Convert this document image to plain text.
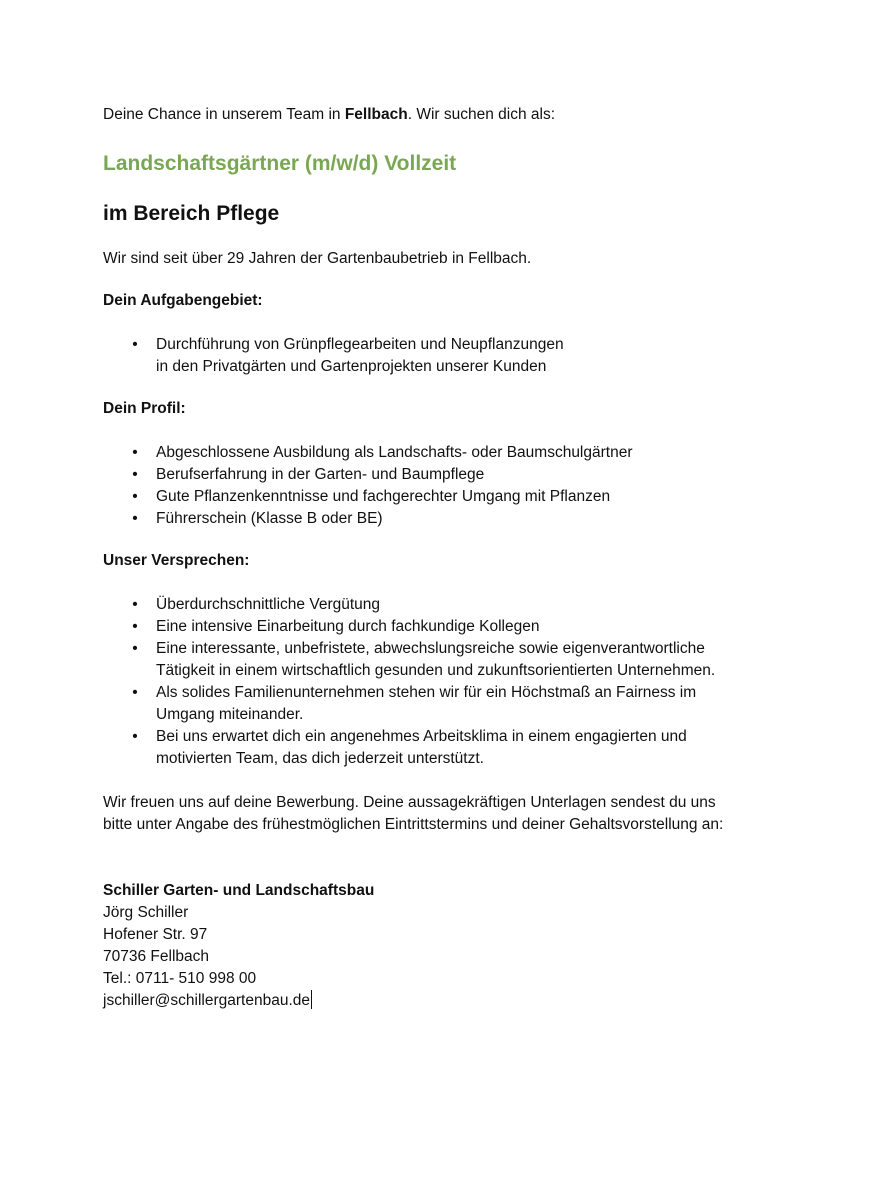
Deine Chance in unserem Team in Fellbach. Wir suchen dich als:

Landschaftsgärtner (m/w/d) Vollzeit
im Bereich Pflege

Wir sind seit über 29 Jahren der Gartenbaubetrieb in Fellbach.

Dein Aufgabengebiet:

• Durchführung von Grünpflegearbeiten und Neupflanzungen
in den Privatgärten und Gartenprojekten unserer Kunden

Dein Profil:

• Abgeschlossene Ausbildung als Landschafts- oder Baumschulgärtner
• Berufserfahrung in der Garten- und Baumpflege
• Gute Pflanzenkenntnisse und fachgerechter Umgang mit Pflanzen
• Führerschein (Klasse B oder BE)

Unser Versprechen:

• Überdurchschnittliche Vergütung
• Eine intensive Einarbeitung durch fachkundige Kollegen
• Eine interessante, unbefristete, abwechslungsreiche sowie eigenverantwortliche
Tätigkeit in einem wirtschaftlich gesunden und zukunftsorientierten Unternehmen.
• Als solides Familienunternehmen stehen wir für ein Höchstmaß an Fairness im
Umgang miteinander.
• Bei uns erwartet dich ein angenehmes Arbeitsklima in einem engagierten und
motivierten Team, das dich jederzeit unterstützt.
Wir freuen uns auf deine Bewerbung. Deine aussagekräftigen Unterlagen sendest du uns
bitte unter Angabe des frühestmöglichen Eintrittstermins und deiner Gehaltsvorstellung an:
Schiller Garten- und Landschaftsbau
Jörg Schiller
Hofener Str. 97
70736 Fellbach
Tel.: 0711- 510 998 00
jschiller@schillergartenbau.de
